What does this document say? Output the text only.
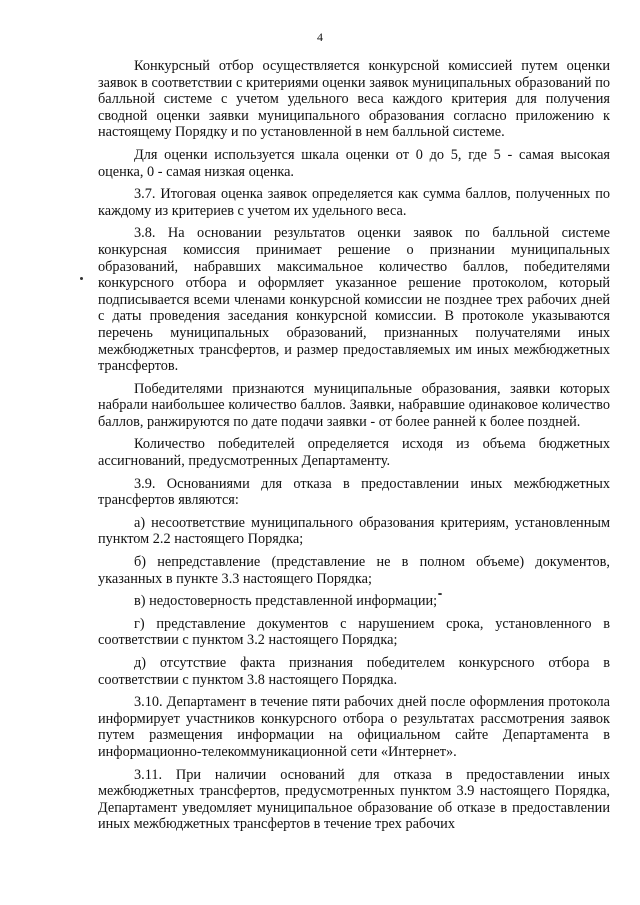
4

Конкурсный отбор осуществляется конкурсной комиссией путем оценки заявок в соответствии с критериями оценки заявок муниципальных образований по балльной системе с учетом удельного веса каждого критерия для получения сводной оценки заявки муниципального образования согласно приложению к настоящему Порядку и по установленной в нем балльной системе.

Для оценки используется шкала оценки от 0 до 5, где 5 - самая высокая оценка, 0 - самая низкая оценка.

3.7. Итоговая оценка заявок определяется как сумма баллов, полученных по каждому из критериев с учетом их удельного веса.

3.8. На основании результатов оценки заявок по балльной системе конкурсная комиссия принимает решение о признании муниципальных образований, набравших максимальное количество баллов, победителями конкурсного отбора и оформляет указанное решение протоколом, который подписывается всеми членами конкурсной комиссии не позднее трех рабочих дней с даты проведения заседания конкурсной комиссии. В протоколе указываются перечень муниципальных образований, признанных получателями иных межбюджетных трансфертов, и размер предоставляемых им иных межбюджетных трансфертов.

Победителями признаются муниципальные образования, заявки которых набрали наибольшее количество баллов. Заявки, набравшие одинаковое количество баллов, ранжируются по дате подачи заявки - от более ранней к более поздней.

Количество победителей определяется исходя из объема бюджетных ассигнований, предусмотренных Департаменту.

3.9. Основаниями для отказа в предоставлении иных межбюджетных трансфертов являются:

а) несоответствие муниципального образования критериям, установленным пунктом 2.2 настоящего Порядка;

б) непредставление (представление не в полном объеме) документов, указанных в пункте 3.3 настоящего Порядка;

в) недостоверность представленной информации;

г) представление документов с нарушением срока, установленного в соответствии с пунктом 3.2 настоящего Порядка;

д) отсутствие факта признания победителем конкурсного отбора в соответствии с пунктом 3.8 настоящего Порядка.

3.10. Департамент в течение пяти рабочих дней после оформления протокола информирует участников конкурсного отбора о результатах рассмотрения заявок путем размещения информации на официальном сайте Департамента в информационно-телекоммуникационной сети «Интернет».

3.11. При наличии оснований для отказа в предоставлении иных межбюджетных трансфертов, предусмотренных пунктом 3.9 настоящего Порядка, Департамент уведомляет муниципальное образование об отказе в предоставлении иных межбюджетных трансфертов в течение трех рабочих
